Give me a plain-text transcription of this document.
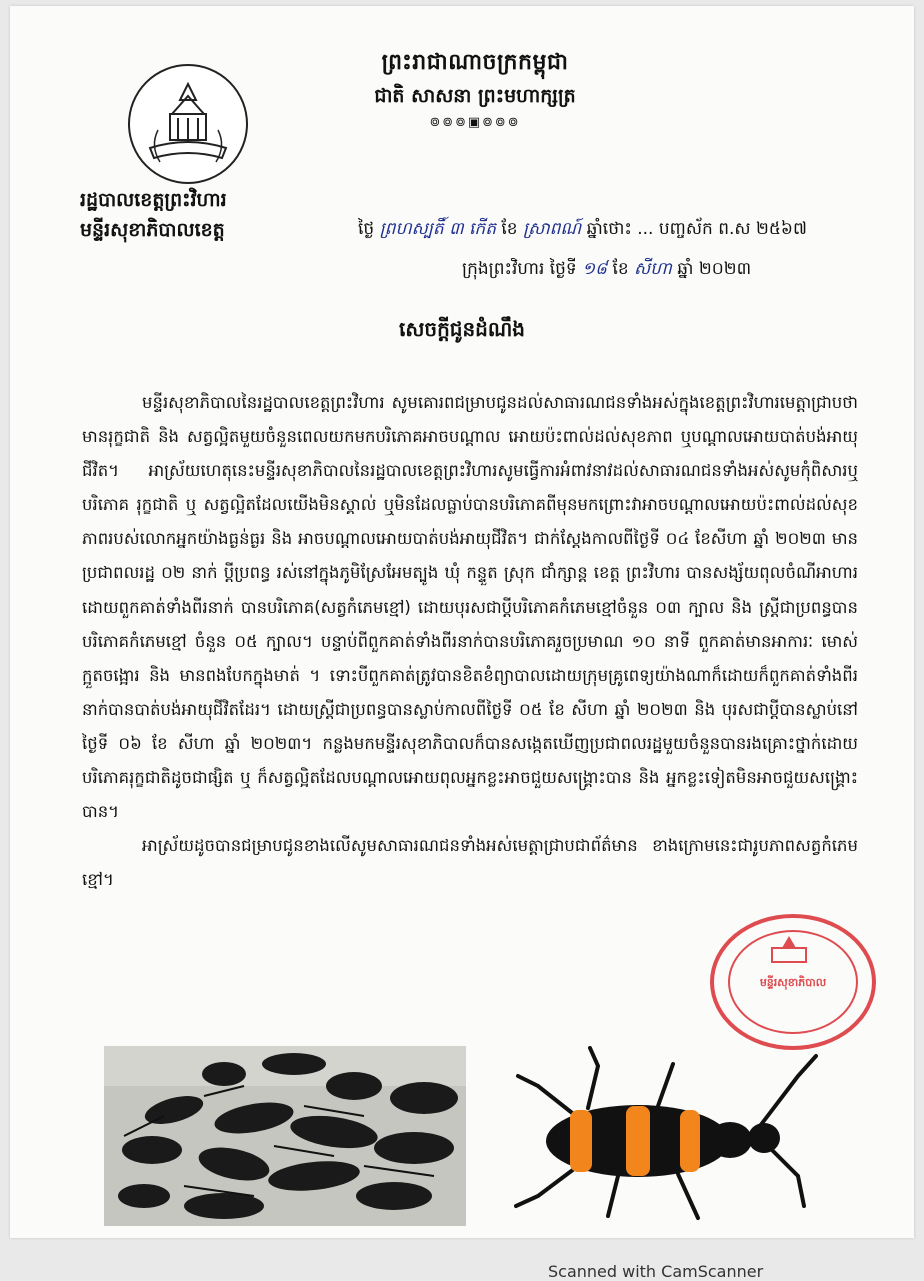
ព្រះរាជាណាចក្រកម្ពុជា
ជាតិ សាសនា ព្រះមហាក្សត្រ
៙៙៙▣៙៙៙
រដ្ឋបាលខេត្តព្រះវិហារ
មន្ទីរសុខាភិបាលខេត្ត	ថ្ងៃ ព្រហស្បតិ៍ ៣ កើត ខែ ស្រាពណ៍ ឆ្នាំថោះ ... បញ្ចស័ក ព.ស ២៥៦៧
ក្រុងព្រះវិហារ ថ្ងៃទី ១៨ ខែ សីហា ឆ្នាំ ២០២៣
សេចក្ដីជូនដំណឹង

មន្ទីរសុខាភិបាលនៃរដ្ឋបាលខេត្តព្រះវិហារ សូមគោរពជម្រាបជូនដល់សាធារណជនទាំងអស់ក្នុងខេត្តព្រះវិហារមេត្តាជ្រាបថាមានរុក្ខជាតិ និង សត្វល្អិតមួយចំនួនពេលយកមកបរិភោគអាចបណ្ដាល អោយប៉ះពាល់ដល់សុខភាព ឬបណ្ដាលអោយបាត់បង់អាយុជីវិត។ អាស្រ័យហេតុនេះមន្ទីរសុខាភិបាលនៃរដ្ឋបាលខេត្តព្រះវិហារសូមធ្វើការអំពាវនាវដល់សាធារណជនទាំងអស់សូមកុំពិសារឬបរិភោគ រុក្ខជាតិ ឬ សត្វល្អិតដែលយើងមិនស្គាល់ ឬមិនដែលធ្លាប់បានបរិភោគពីមុនមកព្រោះវាអាចបណ្ដាលអោយប៉ះពាល់ដល់សុខភាពរបស់លោកអ្នកយ៉ាងធ្ងន់ធ្ងរ និង អាចបណ្ដាលអោយបាត់បង់អាយុជីវិត។ ជាក់ស្ដែងកាលពីថ្ងៃទី ០៤ ខែសីហា ឆ្នាំ ២០២៣ មានប្រជាពលរដ្ឋ ០២ នាក់ ប្ដីប្រពន្ធ រស់នៅក្នុងភូមិស្រែអែមត្បូង ឃុំ កន្ទួត ស្រុក ជាំក្សាន្ដ ខេត្ត ព្រះវិហារ បានសង្ស័យពុលចំណីអាហារ ដោយពួកគាត់ទាំងពីរនាក់ បានបរិភោគ(សត្វកំភេមខ្មៅ) ដោយបុរសជាប្ដីបរិភោគកំភេមខ្មៅចំនួន ០៣ ក្បាល និង ស្ត្រីជាប្រពន្ធបានបរិភោគកំភេមខ្មៅ ចំនួន ០៥ ក្បាល។ បន្ទាប់ពីពួកគាត់ទាំងពីរនាក់បានបរិភោគរួចប្រមាណ ១០ នាទី ពួកគាត់មានអាការៈ មោស់ ក្អួតចង្អោរ និង មានពងបែកក្នុងមាត់ ។ ទោះបីពួកគាត់ត្រូវបានខិតខំព្យាបាលដោយក្រុមគ្រូពេទ្យយ៉ាងណាក៏ដោយក៏ពួកគាត់ទាំងពីរនាក់បានបាត់បង់អាយុជីវិតដែរ។ ដោយស្ត្រីជាប្រពន្ធបានស្លាប់កាលពីថ្ងៃទី ០៥ ខែ សីហា ឆ្នាំ ២០២៣ និង បុរសជាប្ដីបានស្លាប់នៅថ្ងៃទី ០៦ ខែ សីហា ឆ្នាំ ២០២៣។ កន្លងមកមន្ទីរសុខាភិបាលក៏បានសង្កេតឃើញប្រជាពលរដ្ឋមួយចំនួនបានរងគ្រោះថ្នាក់ដោយបរិភោគរុក្ខជាតិដូចជាផ្សិត ឬ ក៏សត្វល្អិតដែលបណ្ដាលអោយពុលអ្នកខ្លះអាចជួយសង្គ្រោះបាន និង អ្នកខ្លះទៀតមិនអាចជួយសង្គ្រោះបាន។

អាស្រ័យដូចបានជម្រាបជូនខាងលើសូមសាធារណជនទាំងអស់មេត្តាជ្រាបជាព័ត៌មាន ខាងក្រោមនេះជារូបភាពសត្វកំភេមខ្មៅ។

មន្ទីរសុខាភិបាល
Scanned with CamScanner
